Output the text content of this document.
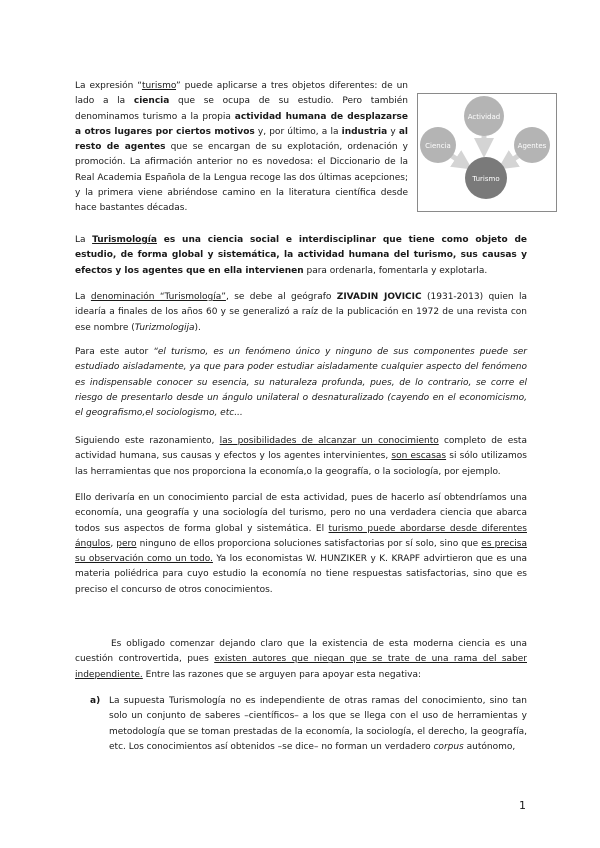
La expresión “turismo” puede aplicarse a tres objetos diferentes: de un lado a la ciencia que se ocupa de su estudio. Pero también denominamos turismo a la propia actividad humana de desplazarse a otros lugares por ciertos motivos y, por último, a la industria y al resto de agentes que se encargan de su explotación, ordenación y promoción. La afirmación anterior no es novedosa: el Diccionario de la Real Academia Española de la Lengua recoge las dos últimas acepciones; y la primera viene abriéndose camino en la literatura científica desde hace bastantes décadas.

Actividad
Ciencia	Agentes
Turismo

La Turismología es una ciencia social e interdisciplinar que tiene como objeto de estudio, de forma global y sistemática, la actividad humana del turismo, sus causas y efectos y los agentes que en ella intervienen para ordenarla, fomentarla y explotarla.

La denominación “Turismología”, se debe al geógrafo ZIVADIN JOVICIC (1931-2013) quien la idearía a finales de los años 60 y se generalizó a raíz de la publicación en 1972 de una revista con ese nombre (Turizmologija).

Para este autor “el turismo, es un fenómeno único y ninguno de sus componentes puede ser estudiado aisladamente, ya que para poder estudiar aisladamente cualquier aspecto del fenómeno es indispensable conocer su esencia, su naturaleza profunda, pues, de lo contrario, se corre el riesgo de presentarlo desde un ángulo unilateral o desnaturalizado (cayendo en el economicismo, el geografismo,el sociologismo, etc...

Siguiendo este razonamiento, las posibilidades de alcanzar un conocimiento completo de esta actividad humana, sus causas y efectos y los agentes intervinientes, son escasas si sólo utilizamos las herramientas que nos proporciona la economía,o la geografía, o la sociología, por ejemplo.

Ello derivaría en un conocimiento parcial de esta actividad, pues de hacerlo así obtendríamos una economía, una geografía y una sociología del turismo, pero no una verdadera ciencia que abarca todos sus aspectos de forma global y sistemática. El turismo puede abordarse desde diferentes ángulos, pero ninguno de ellos proporciona soluciones satisfactorias por sí solo, sino que es precisa su observación como un todo. Ya los economistas W. HUNZIKER y K. KRAPF advirtieron que es una materia poliédrica para cuyo estudio la economía no tiene respuestas satisfactorias, sino que es preciso el concurso de otros conocimientos.

Es obligado comenzar dejando claro que la existencia de esta moderna ciencia es una cuestión controvertida, pues existen autores que niegan que se trate de una rama del saber independiente. Entre las razones que se arguyen para apoyar esta negativa:

a) La supuesta Turismología no es independiente de otras ramas del conocimiento, sino tan solo un conjunto de saberes –científicos– a los que se llega con el uso de herramientas y metodología que se toman prestadas de la economía, la sociología, el derecho, la geografía, etc. Los conocimientos así obtenidos –se dice– no forman un verdadero corpus autónomo,
1
